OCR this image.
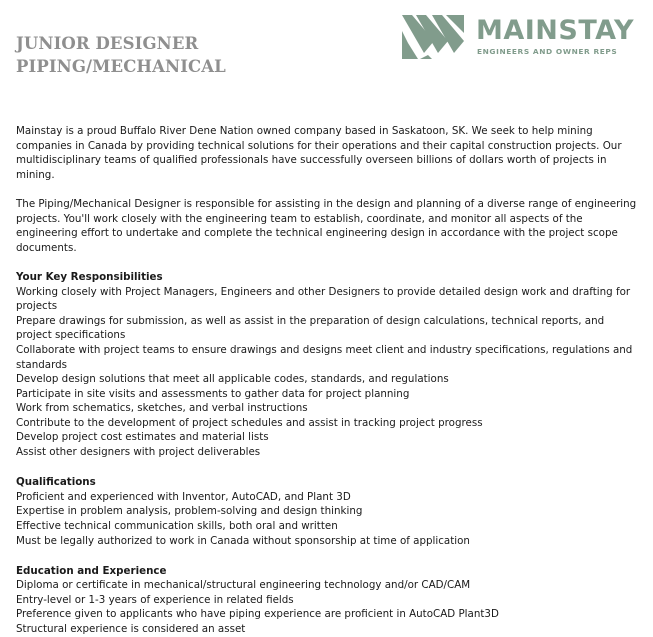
JUNIOR DESIGNER
PIPING/MECHANICAL
MAINSTAY
ENGINEERS AND OWNER REPS

Mainstay is a proud Buffalo River Dene Nation owned company based in Saskatoon, SK. We seek to help mining companies in Canada by providing technical solutions for their operations and their capital construction projects. Our multidisciplinary teams of qualified professionals have successfully overseen billions of dollars worth of projects in mining.

The Piping/Mechanical Designer is responsible for assisting in the design and planning of a diverse range of engineering projects. You'll work closely with the engineering team to establish, coordinate, and monitor all aspects of the engineering effort to undertake and complete the technical engineering design in accordance with the project scope documents.

Your Key Responsibilities
Working closely with Project Managers, Engineers and other Designers to provide detailed design work and drafting for projects
Prepare drawings for submission, as well as assist in the preparation of design calculations, technical reports, and project specifications
Collaborate with project teams to ensure drawings and designs meet client and industry specifications, regulations and standards
Develop design solutions that meet all applicable codes, standards, and regulations
Participate in site visits and assessments to gather data for project planning
Work from schematics, sketches, and verbal instructions
Contribute to the development of project schedules and assist in tracking project progress
Develop project cost estimates and material lists
Assist other designers with project deliverables
Qualifications
Proficient and experienced with Inventor, AutoCAD, and Plant 3D
Expertise in problem analysis, problem-solving and design thinking
Effective technical communication skills, both oral and written
Must be legally authorized to work in Canada without sponsorship at time of application
Education and Experience
Diploma or certificate in mechanical/structural engineering technology and/or CAD/CAM
Entry-level or 1-3 years of experience in related fields
Preference given to applicants who have piping experience are proficient in AutoCAD Plant3D
Structural experience is considered an asset
